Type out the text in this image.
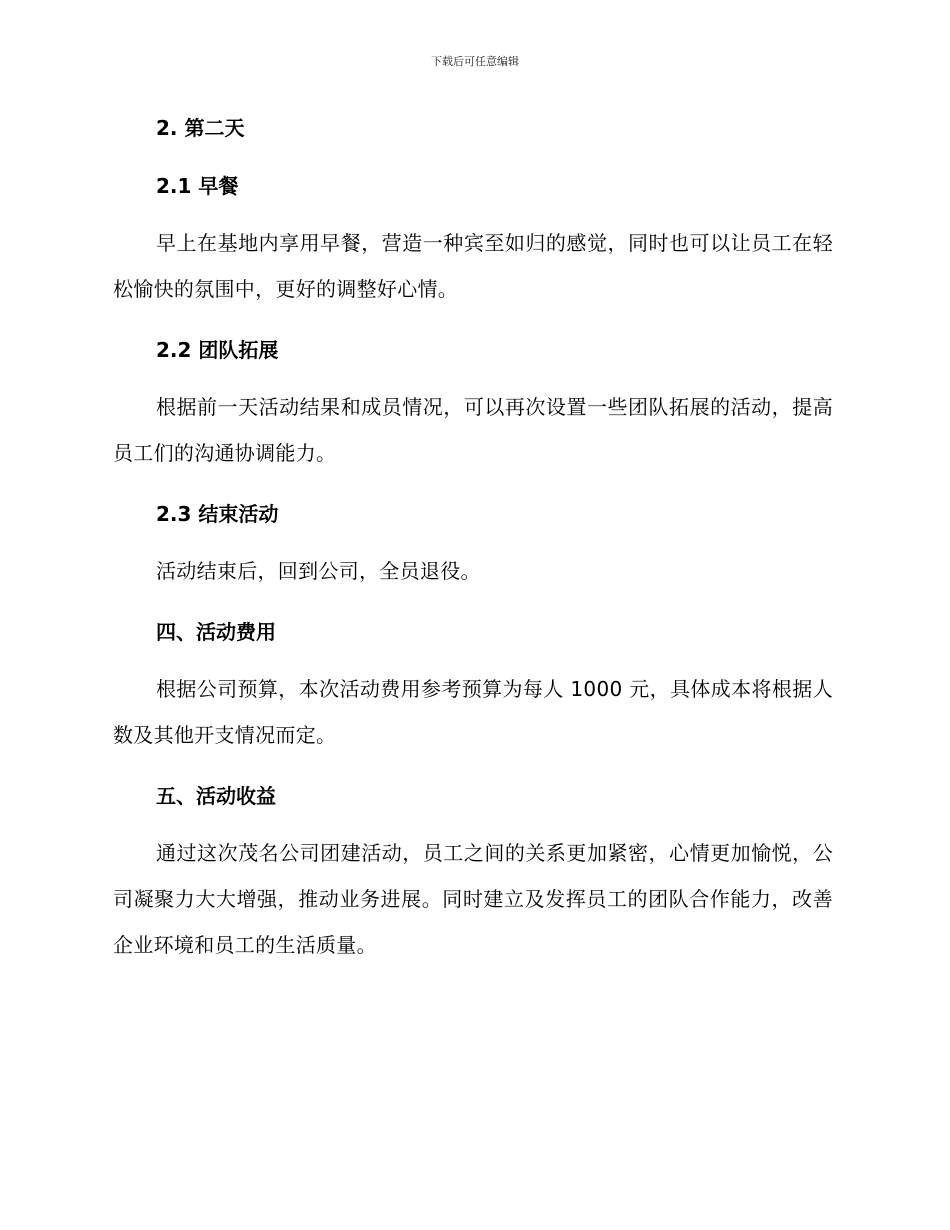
下载后可任意编辑
2. 第二天
2.1 早餐

早上在基地内享用早餐，营造一种宾至如归的感觉，同时也可以让员工在轻松愉快的氛围中，更好的调整好心情。

2.2 团队拓展

根据前一天活动结果和成员情况，可以再次设置一些团队拓展的活动，提高员工们的沟通协调能力。

2.3 结束活动

活动结束后，回到公司，全员退役。

四、活动费用

根据公司预算，本次活动费用参考预算为每人 1000 元，具体成本将根据人数及其他开支情况而定。

五、活动收益

通过这次茂名公司团建活动，员工之间的关系更加紧密，心情更加愉悦，公司凝聚力大大增强，推动业务进展。同时建立及发挥员工的团队合作能力，改善企业环境和员工的生活质量。
